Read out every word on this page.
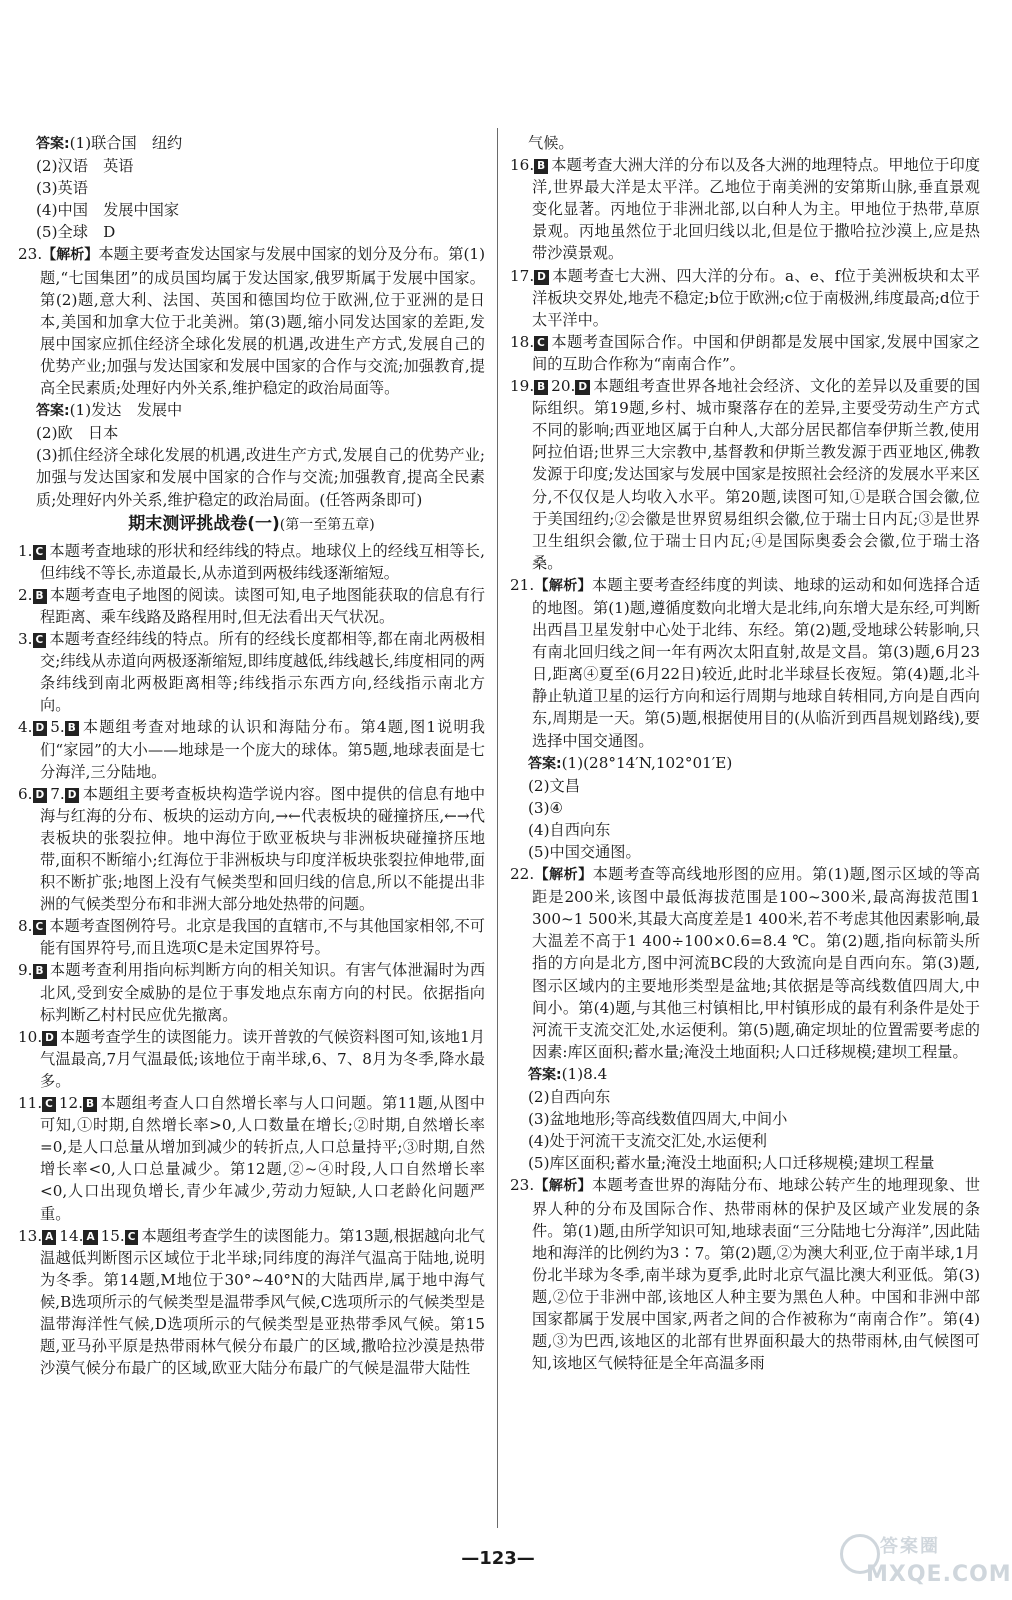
答案:(1)联合国　纽约

(2)汉语　英语

(3)英语

(4)中国　发展中国家

(5)全球　D

23.【解析】本题主要考查发达国家与发展中国家的划分及分布。第(1)题,“七国集团”的成员国均属于发达国家,俄罗斯属于发展中国家。第(2)题,意大利、法国、英国和德国均位于欧洲,位于亚洲的是日本,美国和加拿大位于北美洲。第(3)题,缩小同发达国家的差距,发展中国家应抓住经济全球化发展的机遇,改进生产方式,发展自己的优势产业;加强与发达国家和发展中国家的合作与交流;加强教育,提高全民素质;处理好内外关系,维护稳定的政治局面等。

答案:(1)发达　发展中

(2)欧　日本

(3)抓住经济全球化发展的机遇,改进生产方式,发展自己的优势产业;加强与发达国家和发展中国家的合作与交流;加强教育,提高全民素质;处理好内外关系,维护稳定的政治局面。(任答两条即可)

期末测评挑战卷(一)(第一至第五章)

1. C 本题考查地球的形状和经纬线的特点。地球仪上的经线互相等长,但纬线不等长,赤道最长,从赤道到两极纬线逐渐缩短。

2. B 本题考查电子地图的阅读。读图可知,电子地图能获取的信息有行程距离、乘车线路及路程用时,但无法看出天气状况。

3. C 本题考查经纬线的特点。所有的经线长度都相等,都在南北两极相交;纬线从赤道向两极逐渐缩短,即纬度越低,纬线越长,纬度相同的两条纬线到南北两极距离相等;纬线指示东西方向,经线指示南北方向。

4. D 5. B 本题组考查对地球的认识和海陆分布。第4题,图1说明我们“家园”的大小——地球是一个庞大的球体。第5题,地球表面是七分海洋,三分陆地。

6. D 7. D 本题组主要考查板块构造学说内容。图中提供的信息有地中海与红海的分布、板块的运动方向,→←代表板块的碰撞挤压,←→代表板块的张裂拉伸。地中海位于欧亚板块与非洲板块碰撞挤压地带,面积不断缩小;红海位于非洲板块与印度洋板块张裂拉伸地带,面积不断扩张;地图上没有气候类型和回归线的信息,所以不能提出非洲的气候类型分布和非洲大部分地处热带的问题。

8. C 本题考查图例符号。北京是我国的直辖市,不与其他国家相邻,不可能有国界符号,而且选项C是未定国界符号。

9. B 本题考查利用指向标判断方向的相关知识。有害气体泄漏时为西北风,受到安全威胁的是位于事发地点东南方向的村民。依据指向标判断乙村村民应优先撤离。

10. D 本题考查学生的读图能力。读开普敦的气候资料图可知,该地1月气温最高,7月气温最低;该地位于南半球,6、7、8月为冬季,降水最多。

11. C 12. B 本题组考查人口自然增长率与人口问题。第11题,从图中可知,①时期,自然增长率>0,人口数量在增长;②时期,自然增长率=0,是人口总量从增加到减少的转折点,人口总量持平;③时期,自然增长率<0,人口总量减少。第12题,②~④时段,人口自然增长率<0,人口出现负增长,青少年减少,劳动力短缺,人口老龄化问题严重。

13. A 14. A 15. C 本题组考查学生的读图能力。第13题,根据越向北气温越低判断图示区域位于北半球;同纬度的海洋气温高于陆地,说明为冬季。第14题,M地位于30°~40°N的大陆西岸,属于地中海气候,B选项所示的气候类型是温带季风气候,C选项所示的气候类型是温带海洋性气候,D选项所示的气候类型是亚热带季风气候。第15题,亚马孙平原是热带雨林气候分布最广的区域,撒哈拉沙漠是热带沙漠气候分布最广的区域,欧亚大陆分布最广的气候是温带大陆性

气候。

16. B 本题考查大洲大洋的分布以及各大洲的地理特点。甲地位于印度洋,世界最大洋是太平洋。乙地位于南美洲的安第斯山脉,垂直景观变化显著。丙地位于非洲北部,以白种人为主。甲地位于热带,草原景观。丙地虽然位于北回归线以北,但是位于撒哈拉沙漠上,应是热带沙漠景观。

17. D 本题考查七大洲、四大洋的分布。a、e、f位于美洲板块和太平洋板块交界处,地壳不稳定;b位于欧洲;c位于南极洲,纬度最高;d位于太平洋中。

18. C 本题考查国际合作。中国和伊朗都是发展中国家,发展中国家之间的互助合作称为“南南合作”。

19. B 20. D 本题组考查世界各地社会经济、文化的差异以及重要的国际组织。第19题,乡村、城市聚落存在的差异,主要受劳动生产方式不同的影响;西亚地区属于白种人,大部分居民都信奉伊斯兰教,使用阿拉伯语;世界三大宗教中,基督教和伊斯兰教发源于西亚地区,佛教发源于印度;发达国家与发展中国家是按照社会经济的发展水平来区分,不仅仅是人均收入水平。第20题,读图可知,①是联合国会徽,位于美国纽约;②会徽是世界贸易组织会徽,位于瑞士日内瓦;③是世界卫生组织会徽,位于瑞士日内瓦;④是国际奥委会会徽,位于瑞士洛桑。

21.【解析】本题主要考查经纬度的判读、地球的运动和如何选择合适的地图。第(1)题,遵循度数向北增大是北纬,向东增大是东经,可判断出西昌卫星发射中心处于北纬、东经。第(2)题,受地球公转影响,只有南北回归线之间一年有两次太阳直射,故是文昌。第(3)题,6月23日,距离④夏至(6月22日)较近,此时北半球昼长夜短。第(4)题,北斗静止轨道卫星的运行方向和运行周期与地球自转相同,方向是自西向东,周期是一天。第(5)题,根据使用目的(从临沂到西昌规划路线),要选择中国交通图。

答案:(1)(28°14′N,102°01′E)

(2)文昌

(3)④

(4)自西向东

(5)中国交通图。

22.【解析】本题考查等高线地形图的应用。第(1)题,图示区域的等高距是200米,该图中最低海拔范围是100~300米,最高海拔范围1 300~1 500米,其最大高度差是1 400米,若不考虑其他因素影响,最大温差不高于1 400÷100×0.6=8.4 ℃。第(2)题,指向标箭头所指的方向是北方,图中河流BC段的大致流向是自西向东。第(3)题,图示区域内的主要地形类型是盆地;其依据是等高线数值四周大,中间小。第(4)题,与其他三村镇相比,甲村镇形成的最有利条件是处于河流干支流交汇处,水运便利。第(5)题,确定坝址的位置需要考虑的因素:库区面积;蓄水量;淹没土地面积;人口迁移规模;建坝工程量。

答案:(1)8.4

(2)自西向东

(3)盆地地形;等高线数值四周大,中间小

(4)处于河流干支流交汇处,水运便利

(5)库区面积;蓄水量;淹没土地面积;人口迁移规模;建坝工程量

23.【解析】本题考查世界的海陆分布、地球公转产生的地理现象、世界人种的分布及国际合作、热带雨林的保护及区域产业发展的条件。第(1)题,由所学知识可知,地球表面“三分陆地七分海洋”,因此陆地和海洋的比例约为3∶7。第(2)题,②为澳大利亚,位于南半球,1月份北半球为冬季,南半球为夏季,此时北京气温比澳大利亚低。第(3)题,②位于非洲中部,该地区人种主要为黑色人种。中国和非洲中部国家都属于发展中国家,两者之间的合作被称为“南南合作”。第(4)题,③为巴西,该地区的北部有世界面积最大的热带雨林,由气候图可知,该地区气候特征是全年高温多雨

—123—
答案圈
MXQE.COM
